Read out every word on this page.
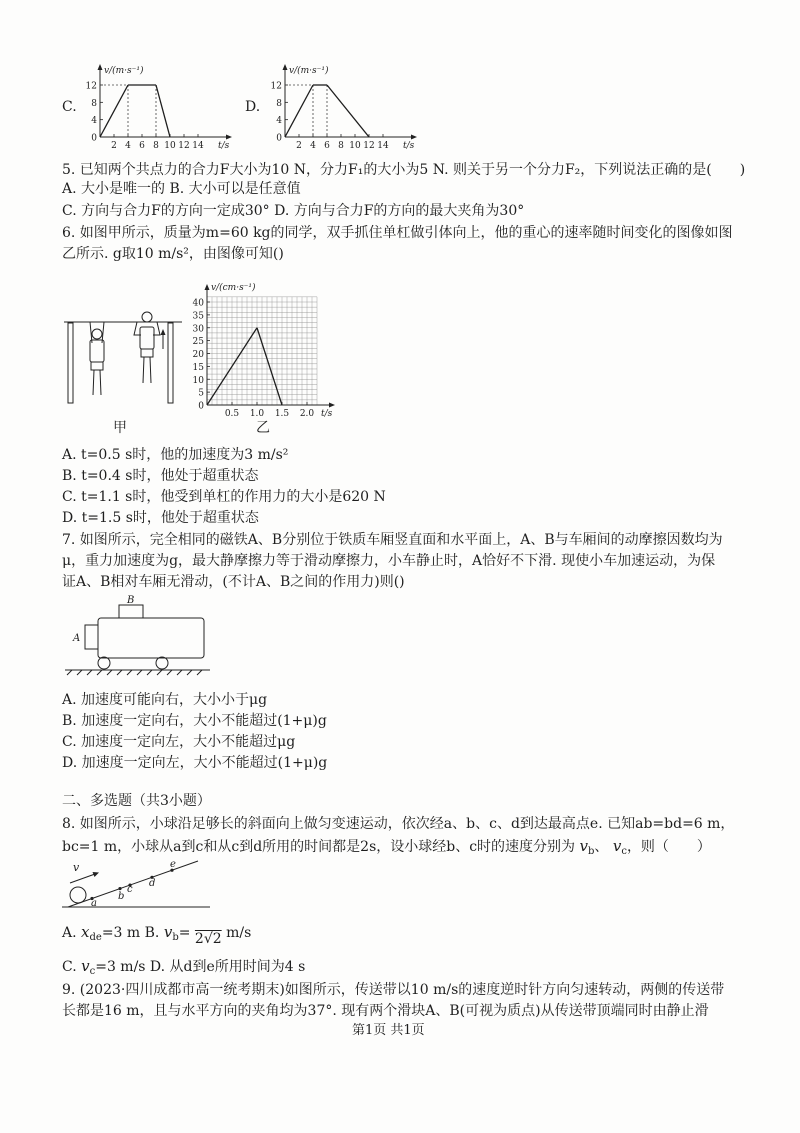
C.
0
4
8
12
2 4 6 8 10 12 14
v/(m·s⁻¹)
t/s
D.
0
4
8
12
2 4 6 8 10 12 14
v/(m·s⁻¹)
t/s
5. 已知两个共点力的合力F大小为10 N，分力F₁的大小为5 N. 则关于另一个分力F₂，下列说法正确的是(　　)
A. 大小是唯一的 B. 大小可以是任意值
C. 方向与合力F的方向一定成30° D. 方向与合力F的方向的最大夹角为30°
6. 如图甲所示，质量为m=60 kg的同学，双手抓住单杠做引体向上，他的重心的速率随时间变化的图像如图
乙所示. g取10 m/s²，由图像可知()
甲
0
5
10
15
20
25
30
35
40
0.5 1.0 1.5 2.0
v/(cm·s⁻¹)
t/s
乙
A. t=0.5 s时，他的加速度为3 m/s²
B. t=0.4 s时，他处于超重状态
C. t=1.1 s时，他受到单杠的作用力的大小是620 N
D. t=1.5 s时，他处于超重状态
7. 如图所示，完全相同的磁铁A、B分别位于铁质车厢竖直面和水平面上，A、B与车厢间的动摩擦因数均为
μ，重力加速度为g，最大静摩擦力等于滑动摩擦力，小车静止时，A恰好不下滑. 现使小车加速运动，为保
证A、B相对车厢无滑动，(不计A、B之间的作用力)则()
B
A
A. 加速度可能向右，大小小于μg
B. 加速度一定向右，大小不能超过(1+μ)g
C. 加速度一定向左，大小不能超过μg
D. 加速度一定向左，大小不能超过(1+μ)g
二、多选题（共3小题）
8. 如图所示，小球沿足够长的斜面向上做匀变速运动，依次经a、b、c、d到达最高点e. 已知ab=bd=6 m，
bc=1 m，小球从a到c和从c到d所用的时间都是2s，设小球经b、c时的速度分别为 $v_b$、 $v_c$，则（　　）
v
a
b
c
d
e
A. $x_{de}=3$ m B. $v_b= 2√2$ m/s
C. $v_c=3$ m/s D. 从d到e所用时间为4 s
9. (2023·四川成都市高一统考期末)如图所示，传送带以10 m/s的速度逆时针方向匀速转动，两侧的传送带
长都是16 m，且与水平方向的夹角均为37°. 现有两个滑块A、B(可视为质点)从传送带顶端同时由静止滑
第1页 共1页
